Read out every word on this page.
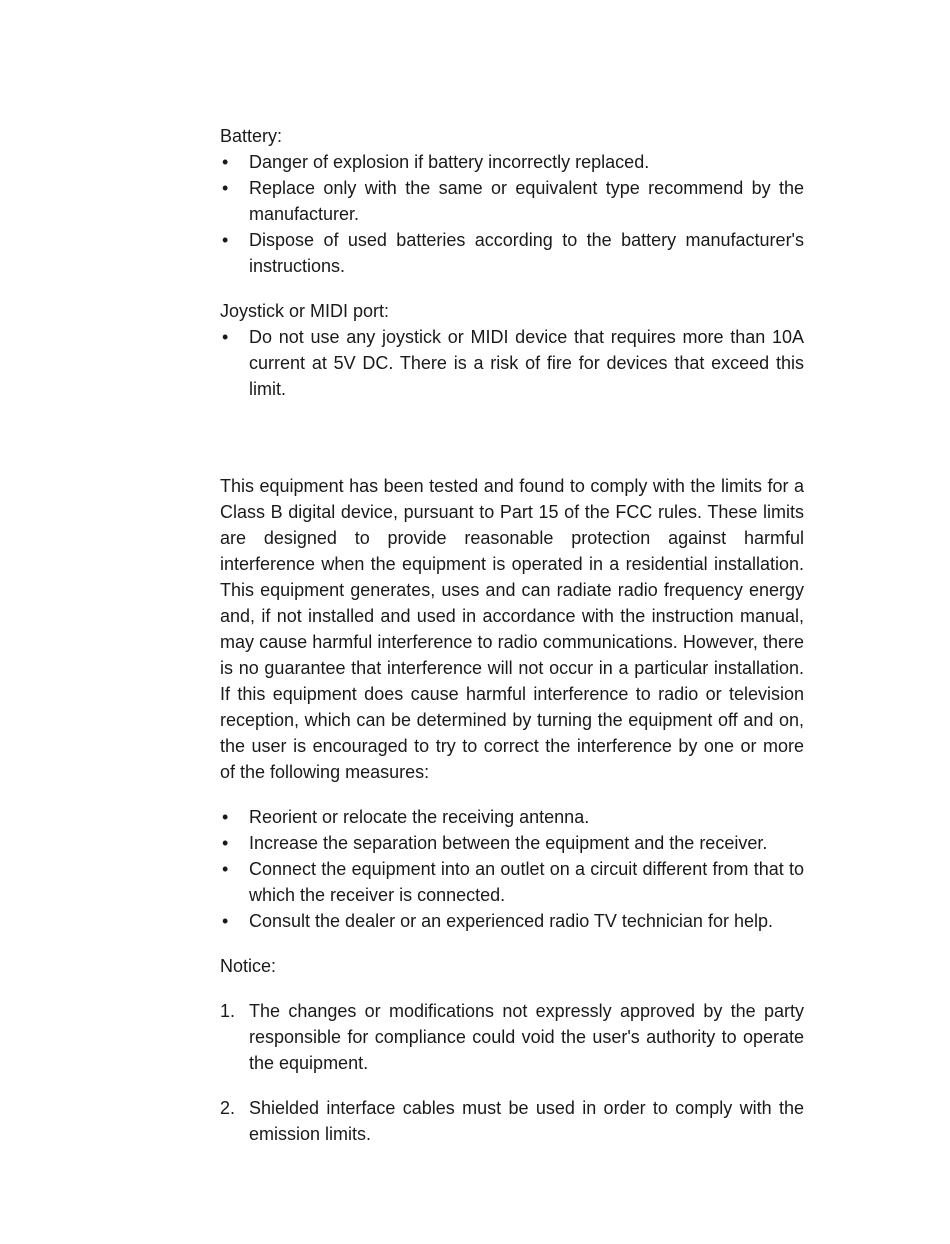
Battery:

• Danger of explosion if battery incorrectly replaced.
• Replace only with the same or equivalent type recommend by the manufacturer.
• Dispose of used batteries according to the battery manufacturer's instructions.

Joystick or MIDI port:

• Do not use any joystick or MIDI device that requires more than 10A current at 5V DC. There is a risk of fire for devices that exceed this limit.

This equipment has been tested and found to comply with the limits for a Class B digital device, pursuant to Part 15 of the FCC rules. These limits are designed to provide reasonable protection against harmful interference when the equipment is operated in a residential installation. This equipment generates, uses and can radiate radio frequency energy and, if not installed and used in accordance with the instruction manual, may cause harmful interference to radio communications. However, there is no guarantee that interference will not occur in a particular installation. If this equipment does cause harmful interference to radio or television reception, which can be determined by turning the equipment off and on, the user is encouraged to try to correct the interference by one or more of the following measures:

• Reorient or relocate the receiving antenna.
• Increase the separation between the equipment and the receiver.
• Connect the equipment into an outlet on a circuit different from that to which the receiver is connected.
• Consult the dealer or an experienced radio TV technician for help.

Notice:

1. The changes or modifications not expressly approved by the party responsible for compliance could void the user's authority to operate the equipment.
2. Shielded interface cables must be used in order to comply with the emission limits.
